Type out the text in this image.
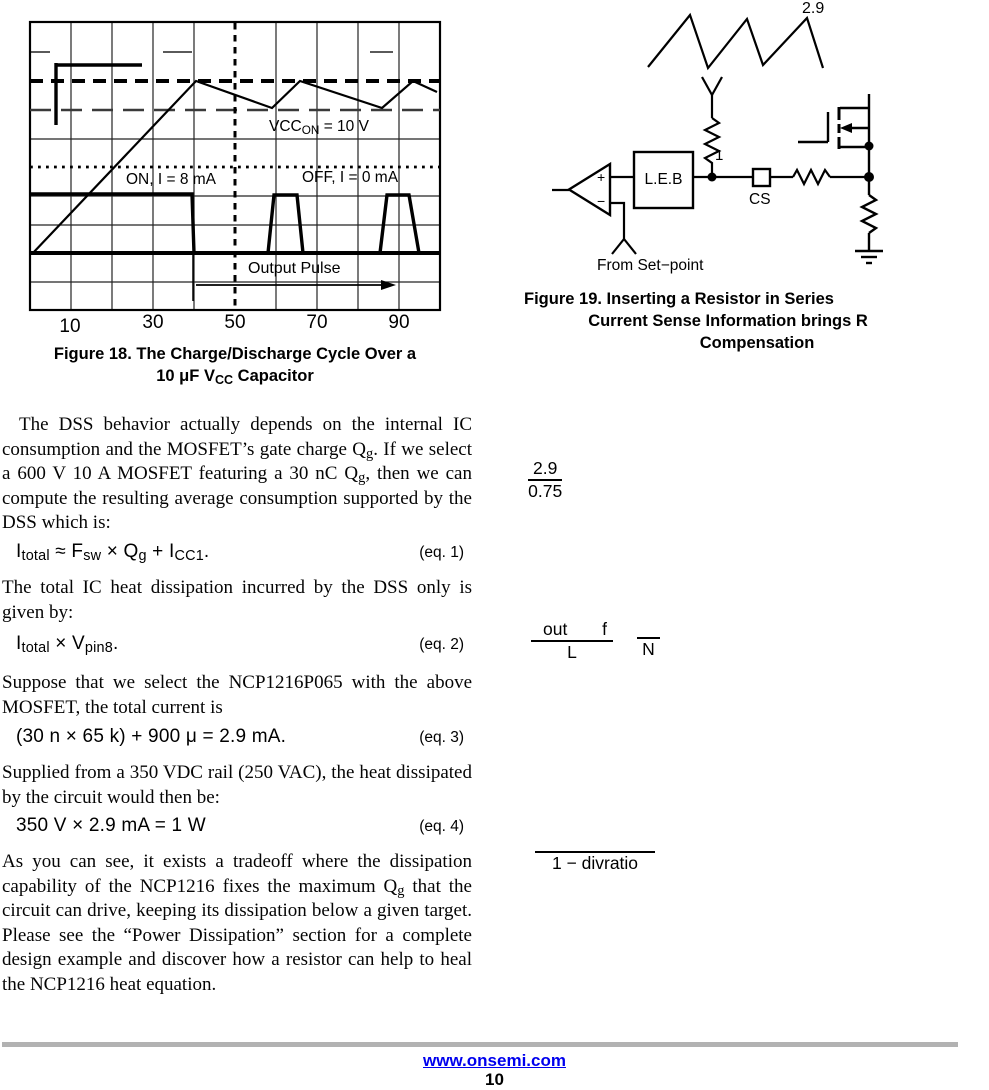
$VCC_{ON} = 10$ V
ON, I = 8 mA	OFF, I = 0 mA
Output Pulse
10	30	50	70	90
Figure 18. The Charge/Discharge Cycle Over a
10 μF $V_{CC}$ Capacitor
2.9
1
L.E.B
CS
+
−
From Set−point
Figure 19. Inserting a Resistor in Series
Current Sense Information brings R
Compensation

The DSS behavior actually depends on the internal IC consumption and the MOSFET’s gate charge $Q_g$. If we select a 600 V 10 A MOSFET featuring a 30 nC $Q_g$, then we can compute the resulting average consumption supported by the DSS which is:

$I_{total} \approx F_{sw} \times Q_g + I_{CC1}$.	(eq. 1)

The total IC heat dissipation incurred by the DSS only is given by:

$I_{total} \times V_{pin8}$.	(eq. 2)

Suppose that we select the NCP1216P065 with the above MOSFET, the total current is

(30 n × 65 k) + 900 μ = 2.9 mA.	(eq. 3)

Supplied from a 350 VDC rail (250 VAC), the heat dissipated by the circuit would then be:

350 V × 2.9 mA = 1 W	(eq. 4)

As you can see, it exists a tradeoff where the dissipation capability of the NCP1216 fixes the maximum $Q_g$ that the circuit can drive, keeping its dissipation below a given target. Please see the “Power Dissipation” section for a complete design example and discover how a resistor can help to heal the NCP1216 heat equation.

$\frac{2.9}{0.75}$
$\frac{\text{out f}}{L}$ N
1 − divratio
www.onsemi.com
10
